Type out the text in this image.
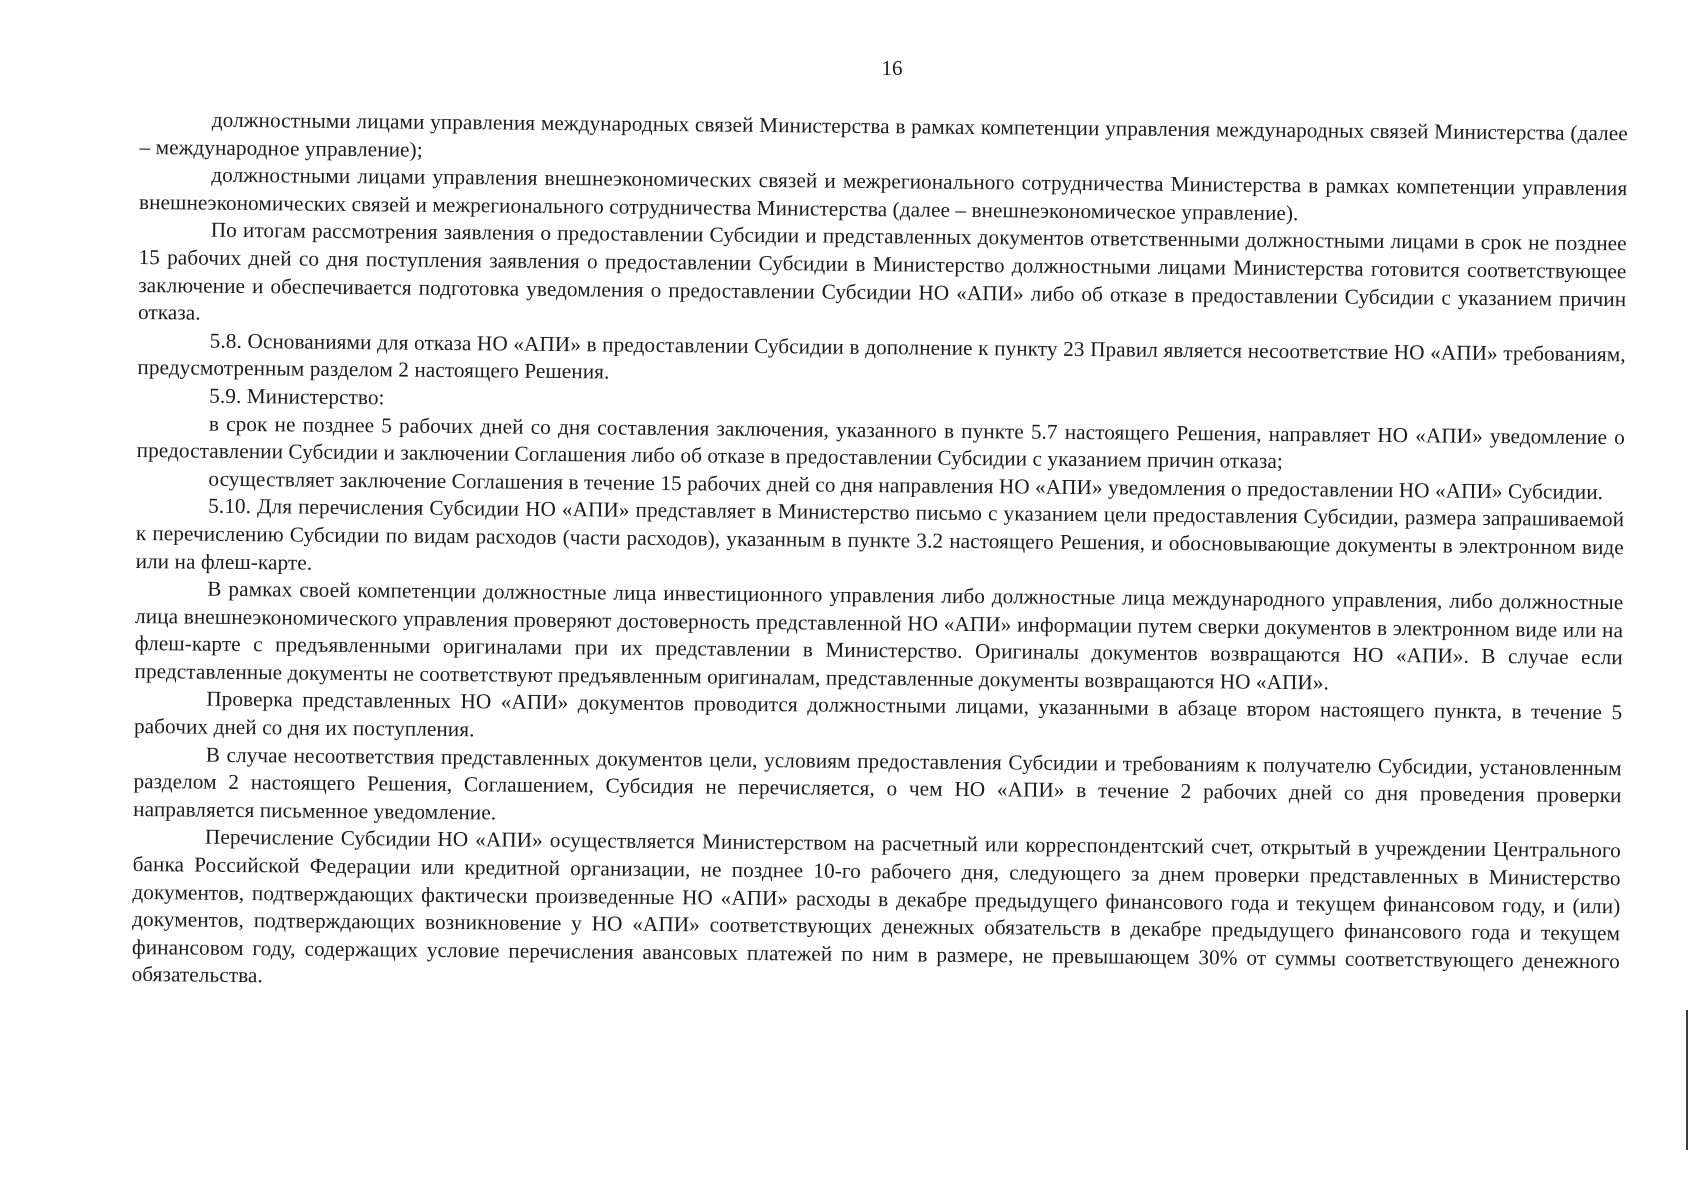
16

должностными лицами управления международных связей Министерства в рамках компетенции управления международных связей Министерства (далее – международное управление);

должностными лицами управления внешнеэкономических связей и межрегионального сотрудничества Министерства в рамках компетенции управления внешнеэкономических связей и межрегионального сотрудничества Министерства (далее – внешнеэкономическое управление).

По итогам рассмотрения заявления о предоставлении Субсидии и представленных документов ответственными должностными лицами в срок не позднее 15 рабочих дней со дня поступления заявления о предоставлении Субсидии в Министерство должностными лицами Министерства готовится соответствующее заключение и обеспечивается подготовка уведомления о предоставлении Субсидии НО «АПИ» либо об отказе в предоставлении Субсидии с указанием причин отказа.

5.8. Основаниями для отказа НО «АПИ» в предоставлении Субсидии в дополнение к пункту 23 Правил является несоответствие НО «АПИ» требованиям, предусмотренным разделом 2 настоящего Решения.

5.9. Министерство:

в срок не позднее 5 рабочих дней со дня составления заключения, указанного в пункте 5.7 настоящего Решения, направляет НО «АПИ» уведомление о предоставлении Субсидии и заключении Соглашения либо об отказе в предоставлении Субсидии с указанием причин отказа;

осуществляет заключение Соглашения в течение 15 рабочих дней со дня направления НО «АПИ» уведомления о предоставлении НО «АПИ» Субсидии.

5.10. Для перечисления Субсидии НО «АПИ» представляет в Министерство письмо с указанием цели предоставления Субсидии, размера запрашиваемой к перечислению Субсидии по видам расходов (части расходов), указанным в пункте 3.2 настоящего Решения, и обосновывающие документы в электронном виде или на флеш-карте.

В рамках своей компетенции должностные лица инвестиционного управления либо должностные лица международного управления, либо должностные лица внешнеэкономического управления проверяют достоверность представленной НО «АПИ» информации путем сверки документов в электронном виде или на флеш-карте с предъявленными оригиналами при их представлении в Министерство. Оригиналы документов возвращаются НО «АПИ». В случае если представленные документы не соответствуют предъявленным оригиналам, представленные документы возвращаются НО «АПИ».

Проверка представленных НО «АПИ» документов проводится должностными лицами, указанными в абзаце втором настоящего пункта, в течение 5 рабочих дней со дня их поступления.

В случае несоответствия представленных документов цели, условиям предоставления Субсидии и требованиям к получателю Субсидии, установленным разделом 2 настоящего Решения, Соглашением, Субсидия не перечисляется, о чем НО «АПИ» в течение 2 рабочих дней со дня проведения проверки направляется письменное уведомление.

Перечисление Субсидии НО «АПИ» осуществляется Министерством на расчетный или корреспондентский счет, открытый в учреждении Центрального банка Российской Федерации или кредитной организации, не позднее 10-го рабочего дня, следующего за днем проверки представленных в Министерство документов, подтверждающих фактически произведенные НО «АПИ» расходы в декабре предыдущего финансового года и текущем финансовом году, и (или) документов, подтверждающих возникновение у НО «АПИ» соответствующих денежных обязательств в декабре предыдущего финансового года и текущем финансовом году, содержащих условие перечисления авансовых платежей по ним в размере, не превышающем 30% от суммы соответствующего денежного обязательства.
